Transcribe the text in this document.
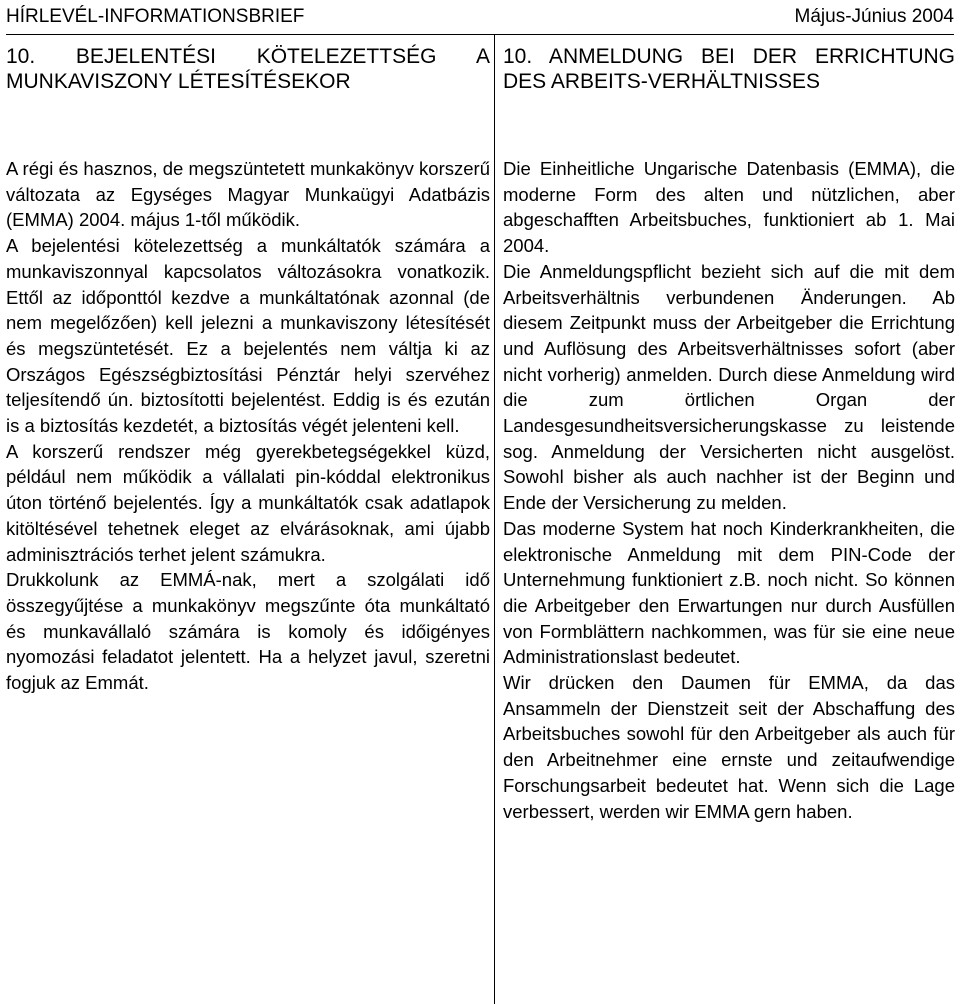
HÍRLEVÉL-INFORMATIONSBRIEF	Május-Június 2004
10. BEJELENTÉSI KÖTELEZETTSÉG A MUNKAVISZONY LÉTESÍTÉSEKOR

A régi és hasznos, de megszüntetett munkakönyv korszerű változata az Egységes Magyar Munkaügyi Adatbázis (EMMA) 2004. május 1-től működik.

A bejelentési kötelezettség a munkáltatók számára a munkaviszonnyal kapcsolatos változásokra vonatkozik. Ettől az időponttól kezdve a munkáltatónak azonnal (de nem megelőzően) kell jelezni a munkaviszony létesítését és megszüntetését. Ez a bejelentés nem váltja ki az Országos Egészségbiztosítási Pénztár helyi szervéhez teljesítendő ún. biztosítotti bejelentést. Eddig is és ezután is a biztosítás kezdetét, a biztosítás végét jelenteni kell.

A korszerű rendszer még gyerekbetegségekkel küzd, például nem működik a vállalati pin-kóddal elektronikus úton történő bejelentés. Így a munkáltatók csak adatlapok kitöltésével tehetnek eleget az elvárásoknak, ami újabb adminisztrációs terhet jelent számukra.

Drukkolunk az EMMÁ-nak, mert a szolgálati idő összegyűjtése a munkakönyv megszűnte óta munkáltató és munkavállaló számára is komoly és időigényes nyomozási feladatot jelentett. Ha a helyzet javul, szeretni fogjuk az Emmát.

10. ANMELDUNG BEI DER ERRICHTUNG DES ARBEITS-VERHÄLTNISSES

Die Einheitliche Ungarische Datenbasis (EMMA), die moderne Form des alten und nützlichen, aber abgeschafften Arbeitsbuches, funktioniert ab 1. Mai 2004.

Die Anmeldungspflicht bezieht sich auf die mit dem Arbeitsverhältnis verbundenen Änderungen. Ab diesem Zeitpunkt muss der Arbeitgeber die Errichtung und Auflösung des Arbeitsverhältnisses sofort (aber nicht vorherig) anmelden. Durch diese Anmeldung wird die zum örtlichen Organ der Landesgesundheitsversicherungskasse zu leistende sog. Anmeldung der Versicherten nicht ausgelöst. Sowohl bisher als auch nachher ist der Beginn und Ende der Versicherung zu melden.

Das moderne System hat noch Kinderkrankheiten, die elektronische Anmeldung mit dem PIN-Code der Unternehmung funktioniert z.B. noch nicht. So können die Arbeitgeber den Erwartungen nur durch Ausfüllen von Formblättern nachkommen, was für sie eine neue Administrationslast bedeutet.

Wir drücken den Daumen für EMMA, da das Ansammeln der Dienstzeit seit der Abschaffung des Arbeitsbuches sowohl für den Arbeitgeber als auch für den Arbeitnehmer eine ernste und zeitaufwendige Forschungsarbeit bedeutet hat. Wenn sich die Lage verbessert, werden wir EMMA gern haben.
